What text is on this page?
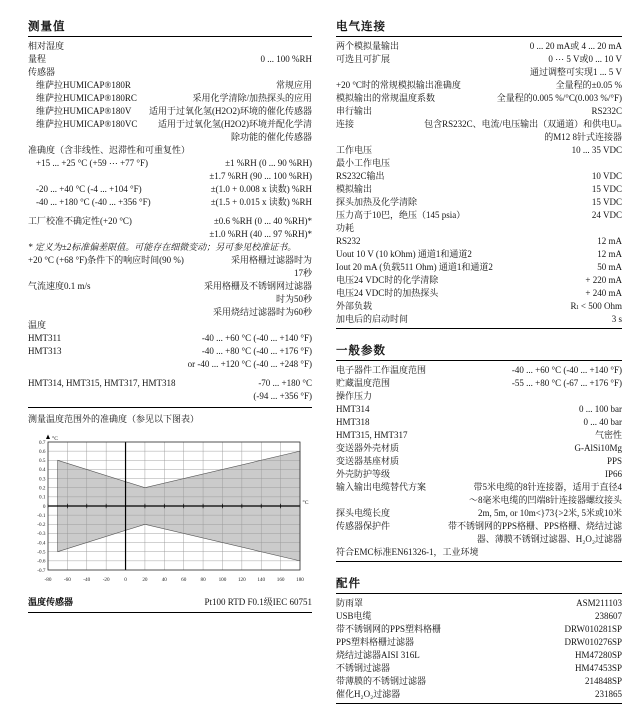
测量值
相对湿度
量程	0 ... 100 %RH
传感器
维萨拉HUMICAP®180R	常规应用
维萨拉HUMICAP®180RC	采用化学清除/加热探头的应用
维萨拉HUMICAP®180V 适用于过氧化氢(H2O2)环境的催化传感器
维萨拉HUMICAP®180VC 适用于过氧化氢(H2O2)环境并配化学清
除功能的催化传感器
准确度（含非线性、迟滞性和可重复性）
+15 ... +25 °C (+59 ⋯ +77 °F)	±1 %RH (0 ... 90 %RH)
±1.7 %RH (90 ... 100 %RH)
-20 ... +40 °C (-4 ... +104 °F)	±(1.0 + 0.008 x 读数) %RH
-40 ... +180 °C (-40 ... +356 °F)	±(1.5 + 0.015 x 读数) %RH
工厂校准不确定性(+20 °C)	±0.6 %RH (0 ... 40 %RH)*
±1.0 %RH (40 ... 97 %RH)*
* 定义为±2标准偏差限值。可能存在细微变动；另可参见校准证书。
+20 °C (+68 °F)条件下的响应时间(90 %)	采用格栅过滤器时为
17秒
气流速度0.1 m/s	采用格栅及不锈钢网过滤器
时为50秒
采用烧结过滤器时为60秒
温度
HMT311	-40 ... +60 °C (-40 ... +140 °F)
HMT313	-40 ... +80 °C (-40 ... +176 °F)
or -40 ... +120 °C (-40 ... +248 °F)
HMT314, HMT315, HMT317, HMT318	-70 ... +180 °C
(-94 ... +356 °F)
测量温度范围外的准确度（参见以下图表）
0.7
0.6
0.5
0.4
0.3
0.2
0.1
0
-0.1
-0.2
-0.3
-0.4
-0.5
-0.6
-0.7
-80 -60 -40 -20	0	20	40	60	80 100 120 140 160 180
°C
°C
温度传感器	Pt100 RTD F0.1级IEC 60751
电气连接
两个模拟量输出	0 ... 20 mA或 4 ... 20 mA
可选且可扩展	0 ⋯ 5 V或0 ... 10 V
通过调整可实现1 ... 5 V
+20 °C时的常规模拟输出准确度	全量程的±0.05 %
模拟输出的常规温度系数	全量程的0.005 %/°C(0.003 %/°F)
串行输出	RS232C
连接	包含RS232C、电流/电压输出（双通道）和供电Uᵢₙ
的M12 8针式连接器
工作电压	10 ... 35 VDC
最小工作电压
RS232C输出	10 VDC
模拟输出	15 VDC
探头加热及化学清除	15 VDC
压力高于10巴，绝压（145 psia）	24 VDC
功耗
RS232	12 mA
Uout 10 V (10 kOhm) 通道1和通道2	12 mA
Iout 20 mA (负载511 Ohm) 通道1和通道2	50 mA
电压24 VDC时的化学清除	+ 220 mA
电压24 VDC时的加热探头	+ 240 mA
外部负载	Rₗ < 500 Ohm
加电后的启动时间	3 s
一般参数
电子器件工作温度范围	-40 ... +60 °C (-40 ... +140 °F)
贮藏温度范围	-55 ... +80 °C (-67 ... +176 °F)
操作压力
HMT314	0 ... 100 bar
HMT318	0 ... 40 bar
HMT315, HMT317	气密性
变送器外壳材质	G-AlSi10Mg
变送器基座材质	PPS
外壳防护等级	IP66
输入输出电缆替代方案	带5米电缆的8针连接器，适用于直径4
～8毫米电缆的凹端8针连接器螺纹接头
探头电缆长度	2m, 5m, or 10m<}73{>2米, 5米或10米
传感器保护件	带不锈钢网的PPS格栅、PPS格栅、烧结过滤
器、薄膜不锈钢过滤器、H₂O₂过滤器
符合EMC标准EN61326-1，工业环境
配件
防雨罩	ASM211103
USB电缆	238607
带不锈钢网的PPS塑料格栅	DRW010281SP
PPS塑料格栅过滤器	DRW010276SP
烧结过滤器AISI 316L	HM47280SP
不锈钢过滤器	HM47453SP
带薄膜的不锈钢过滤器	214848SP
催化H₂O₂过滤器	231865
